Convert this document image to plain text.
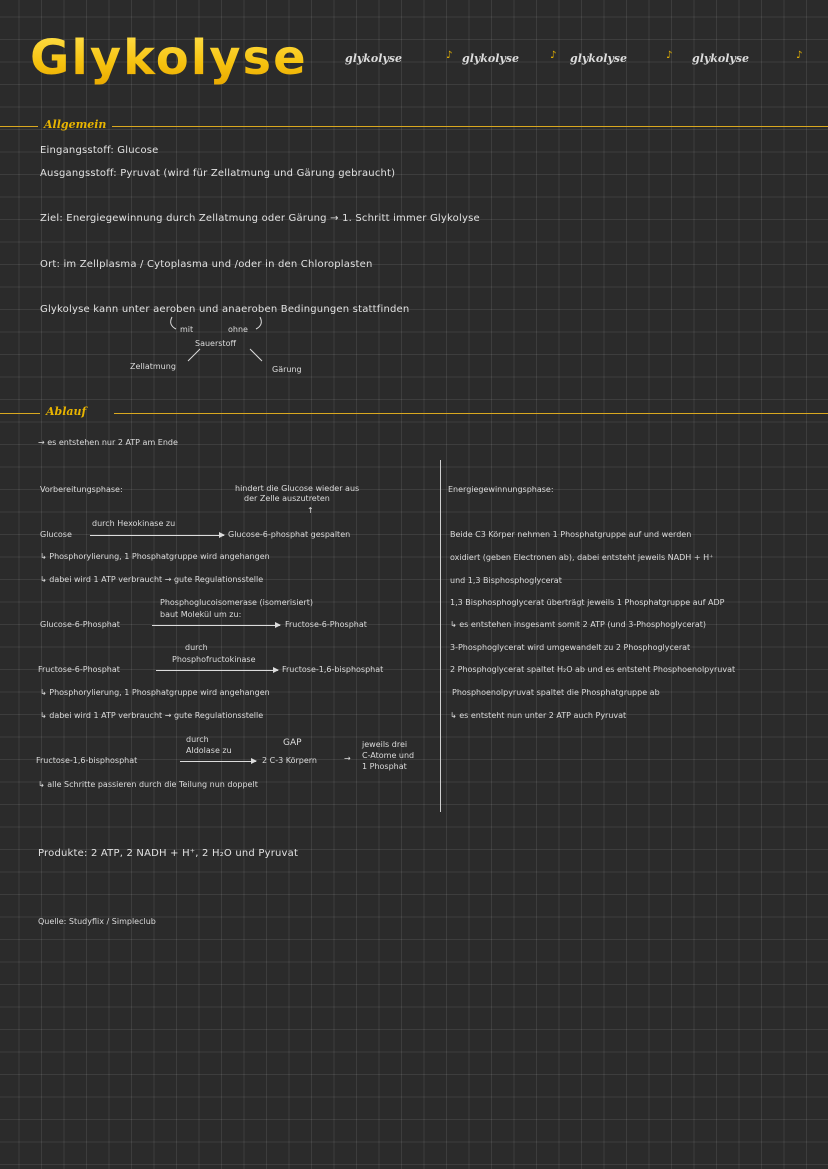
Glykolyse	glykolyse	♪ glykolyse	♪ glykolyse	♪ glykolyse	♪
Allgemein
Eingangsstoff: Glucose
Ausgangsstoff: Pyruvat (wird für Zellatmung und Gärung gebraucht)
Ziel: Energiegewinnung durch Zellatmung oder Gärung → 1. Schritt immer Glykolyse
Ort: im Zellplasma / Cytoplasma und /oder in den Chloroplasten
Glykolyse kann unter aeroben und anaeroben Bedingungen stattfinden
mit	ohne
Sauerstoff
Zellatmung	Gärung
Ablauf
→ es entstehen nur 2 ATP am Ende
Vorbereitungsphase:	hindert die Glucose wieder aus
der Zelle auszutreten
↑
Glucose
durch Hexokinase zu
Glucose-6-phosphat gespalten
↳ Phosphorylierung, 1 Phosphatgruppe wird angehangen
↳ dabei wird 1 ATP verbraucht → gute Regulationsstelle
Phosphoglucoisomerase (isomerisiert)
baut Molekül um zu:
Glucose-6-Phosphat	Fructose-6-Phosphat
durch
Phosphofructokinase
Fructose-6-Phosphat	Fructose-1,6-bisphosphat
↳ Phosphorylierung, 1 Phosphatgruppe wird angehangen
↳ dabei wird 1 ATP verbraucht → gute Regulationsstelle
durch
Aldolase zu
GAP
Fructose-1,6-bisphosphat	2 C-3 Körpern	→
jeweils drei
C-Atome und
1 Phosphat
↳ alle Schritte passieren durch die Teilung nun doppelt
Energiegewinnungsphase:
Beide C3 Körper nehmen 1 Phosphatgruppe auf und werden
oxidiert (geben Electronen ab), dabei entsteht jeweils NADH + H⁺
und 1,3 Bisphosphoglycerat
1,3 Bisphosphoglycerat überträgt jeweils 1 Phosphatgruppe auf ADP
↳ es entstehen insgesamt somit 2 ATP (und 3-Phosphoglycerat)
3-Phosphoglycerat wird umgewandelt zu 2 Phosphoglycerat
2 Phosphoglycerat spaltet H₂O ab und es entsteht Phosphoenolpyruvat
Phosphoenolpyruvat spaltet die Phosphatgruppe ab
↳ es entsteht nun unter 2 ATP auch Pyruvat
Produkte: 2 ATP, 2 NADH + H⁺, 2 H₂O und Pyruvat
Quelle: Studyflix / Simpleclub
